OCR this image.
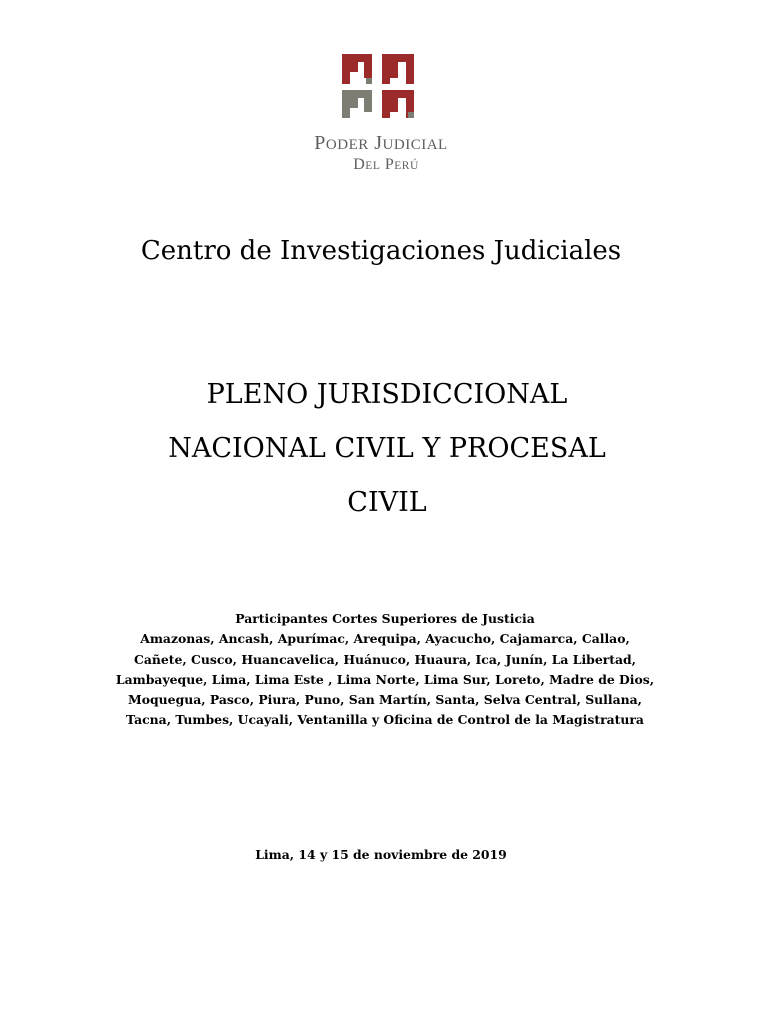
PODER JUDICIAL
DEL PERÚ
Centro de Investigaciones Judiciales
PLENO JURISDICCIONAL
NACIONAL CIVIL Y PROCESAL
CIVIL
Participantes Cortes Superiores de Justicia
Amazonas, Ancash, Apurímac, Arequipa, Ayacucho, Cajamarca, Callao,
Cañete, Cusco, Huancavelica, Huánuco, Huaura, Ica, Junín, La Libertad,
Lambayeque, Lima, Lima Este , Lima Norte, Lima Sur, Loreto, Madre de Dios,
Moquegua, Pasco, Piura, Puno, San Martín, Santa, Selva Central, Sullana,
Tacna, Tumbes, Ucayali, Ventanilla y Oficina de Control de la Magistratura
Lima, 14 y 15 de noviembre de 2019
